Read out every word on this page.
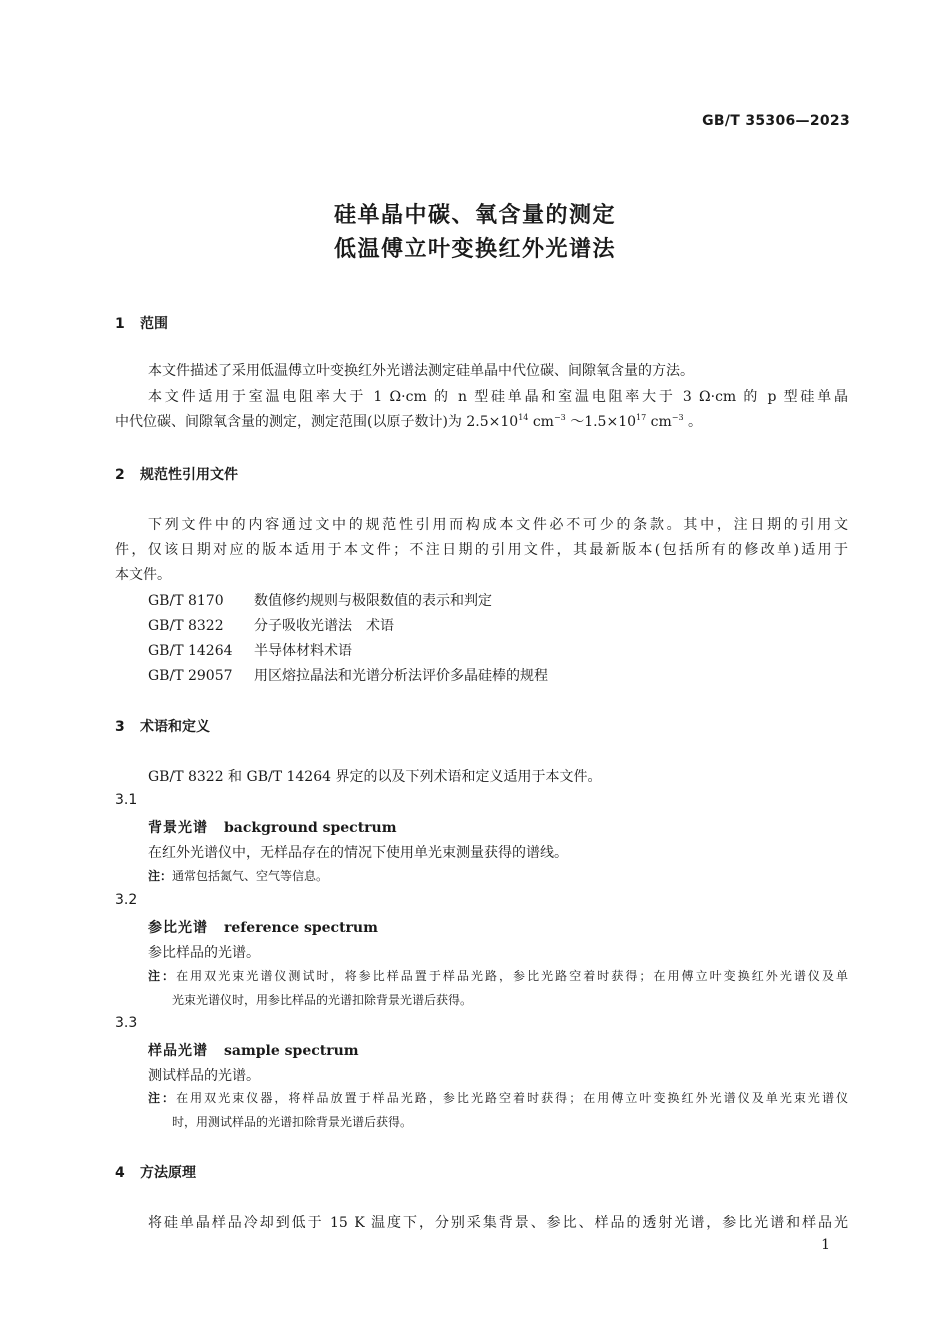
GB/T 35306—2023
硅单晶中碳、氧含量的测定
低温傅立叶变换红外光谱法
1 范围
本文件描述了采用低温傅立叶变换红外光谱法测定硅单晶中代位碳、间隙氧含量的方法。
本文件适用于室温电阻率大于 1 Ω·cm 的 n 型硅单晶和室温电阻率大于 3 Ω·cm 的 p 型硅单晶
中代位碳、间隙氧含量的测定，测定范围(以原子数计)为 $2.5\times 10^{14}$ $cm^{-3}$ $\sim 1.5\times 10^{17}$ $cm^{-3}$ 。
2 规范性引用文件
下列文件中的内容通过文中的规范性引用而构成本文件必不可少的条款。其中，注日期的引用文
件，仅该日期对应的版本适用于本文件；不注日期的引用文件，其最新版本(包括所有的修改单)适用于
本文件。
GB/T 8170 数值修约规则与极限数值的表示和判定
GB/T 8322 分子吸收光谱法　术语
GB/T 14264 半导体材料术语
GB/T 29057 用区熔拉晶法和光谱分析法评价多晶硅棒的规程
3 术语和定义
GB/T 8322 和 GB/T 14264 界定的以及下列术语和定义适用于本文件。
3.1
背景光谱 background spectrum
在红外光谱仪中，无样品存在的情况下使用单光束测量获得的谱线。
注：通常包括氮气、空气等信息。
3.2
参比光谱 reference spectrum
参比样品的光谱。
注：在用双光束光谱仪测试时，将参比样品置于样品光路，参比光路空着时获得；在用傅立叶变换红外光谱仪及单
光束光谱仪时，用参比样品的光谱扣除背景光谱后获得。
3.3
样品光谱 sample spectrum
测试样品的光谱。
注：在用双光束仪器，将样品放置于样品光路，参比光路空着时获得；在用傅立叶变换红外光谱仪及单光束光谱仪
时，用测试样品的光谱扣除背景光谱后获得。
4 方法原理
将硅单晶样品冷却到低于 15 K 温度下，分别采集背景、参比、样品的透射光谱，参比光谱和样品光
1
